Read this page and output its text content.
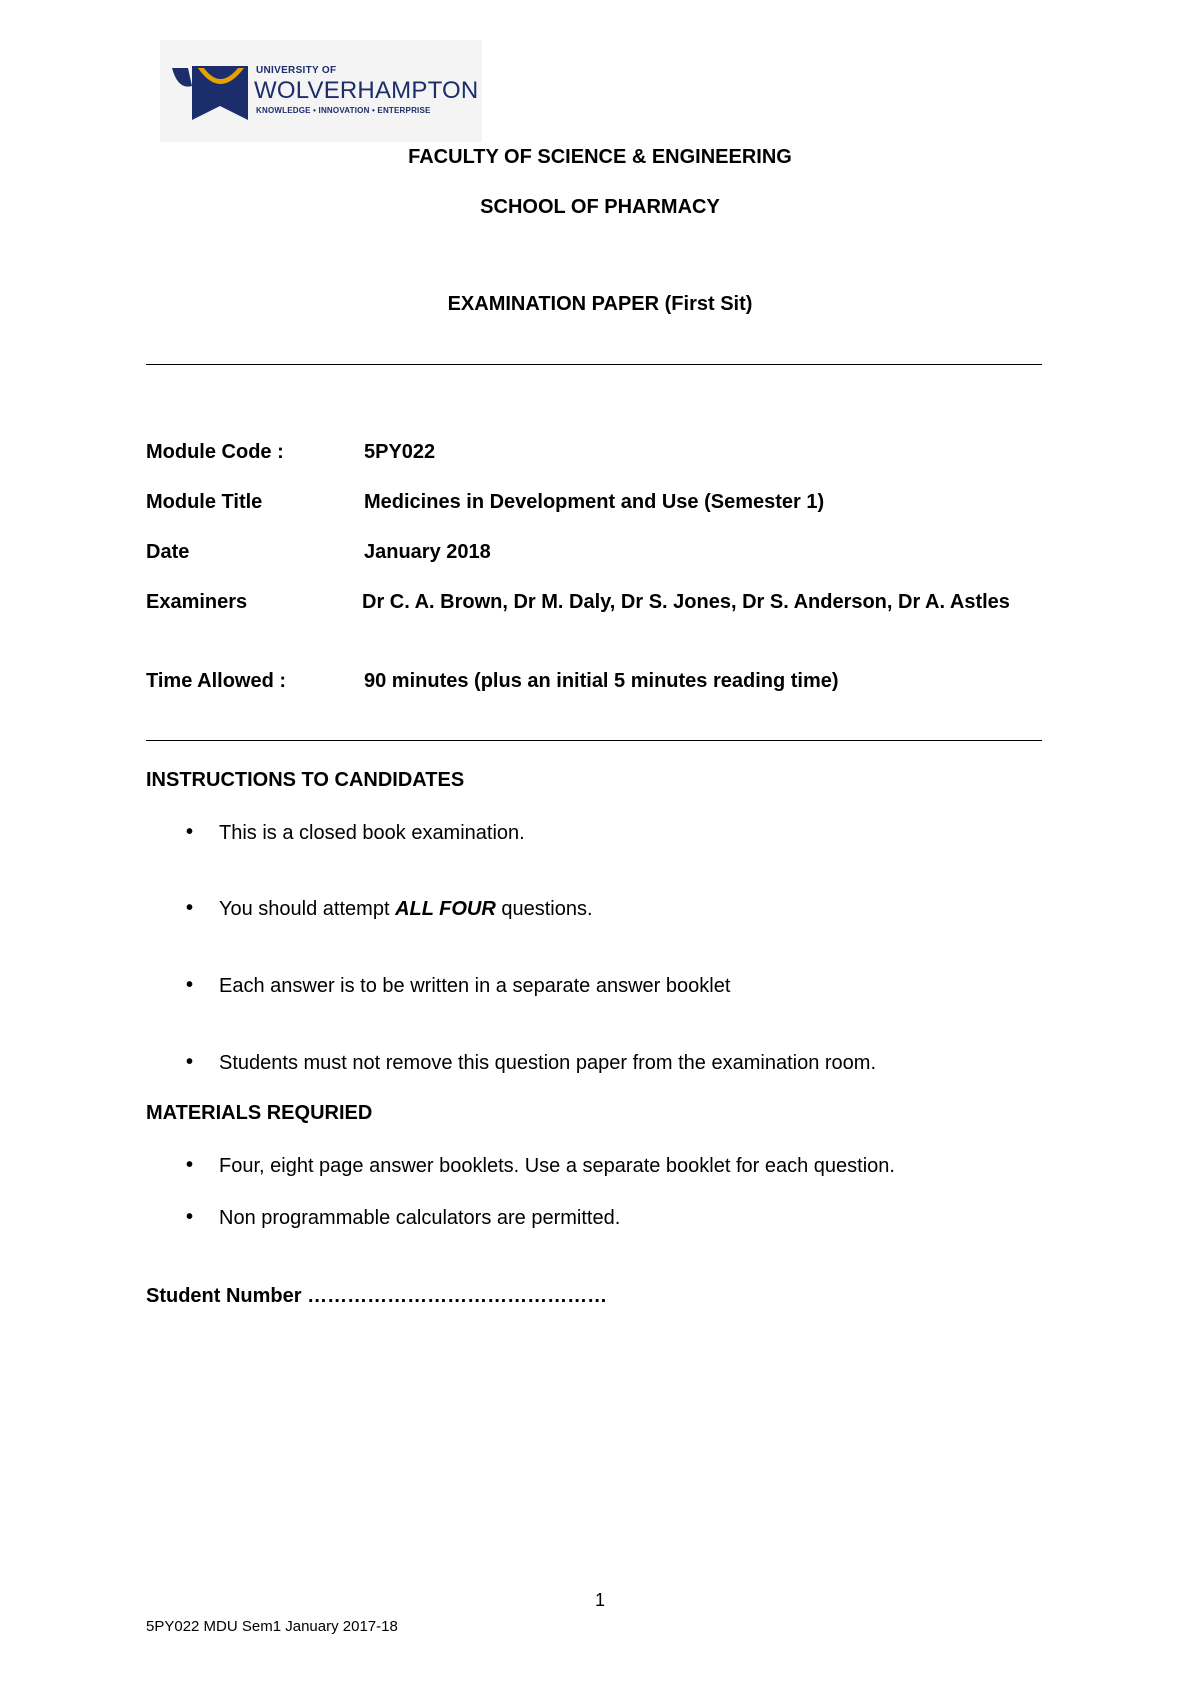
UNIVERSITY OF
WOLVERHAMPTON
KNOWLEDGE • INNOVATION • ENTERPRISE
FACULTY OF SCIENCE & ENGINEERING
SCHOOL OF PHARMACY
EXAMINATION PAPER (First Sit)
Module Code :	5PY022
Module Title	Medicines in Development and Use (Semester 1)
Date	January 2018
Examiners	Dr C. A. Brown, Dr M. Daly, Dr S. Jones, Dr S. Anderson, Dr A. Astles
Time Allowed :	90 minutes (plus an initial 5 minutes reading time)
INSTRUCTIONS TO CANDIDATES
• This is a closed book examination.
• You should attempt ALL FOUR questions.
• Each answer is to be written in a separate answer booklet
• Students must not remove this question paper from the examination room.
MATERIALS REQURIED
• Four, eight page answer booklets. Use a separate booklet for each question.
• Non programmable calculators are permitted.
Student Number ………………………………………
1
5PY022 MDU Sem1 January 2017-18
